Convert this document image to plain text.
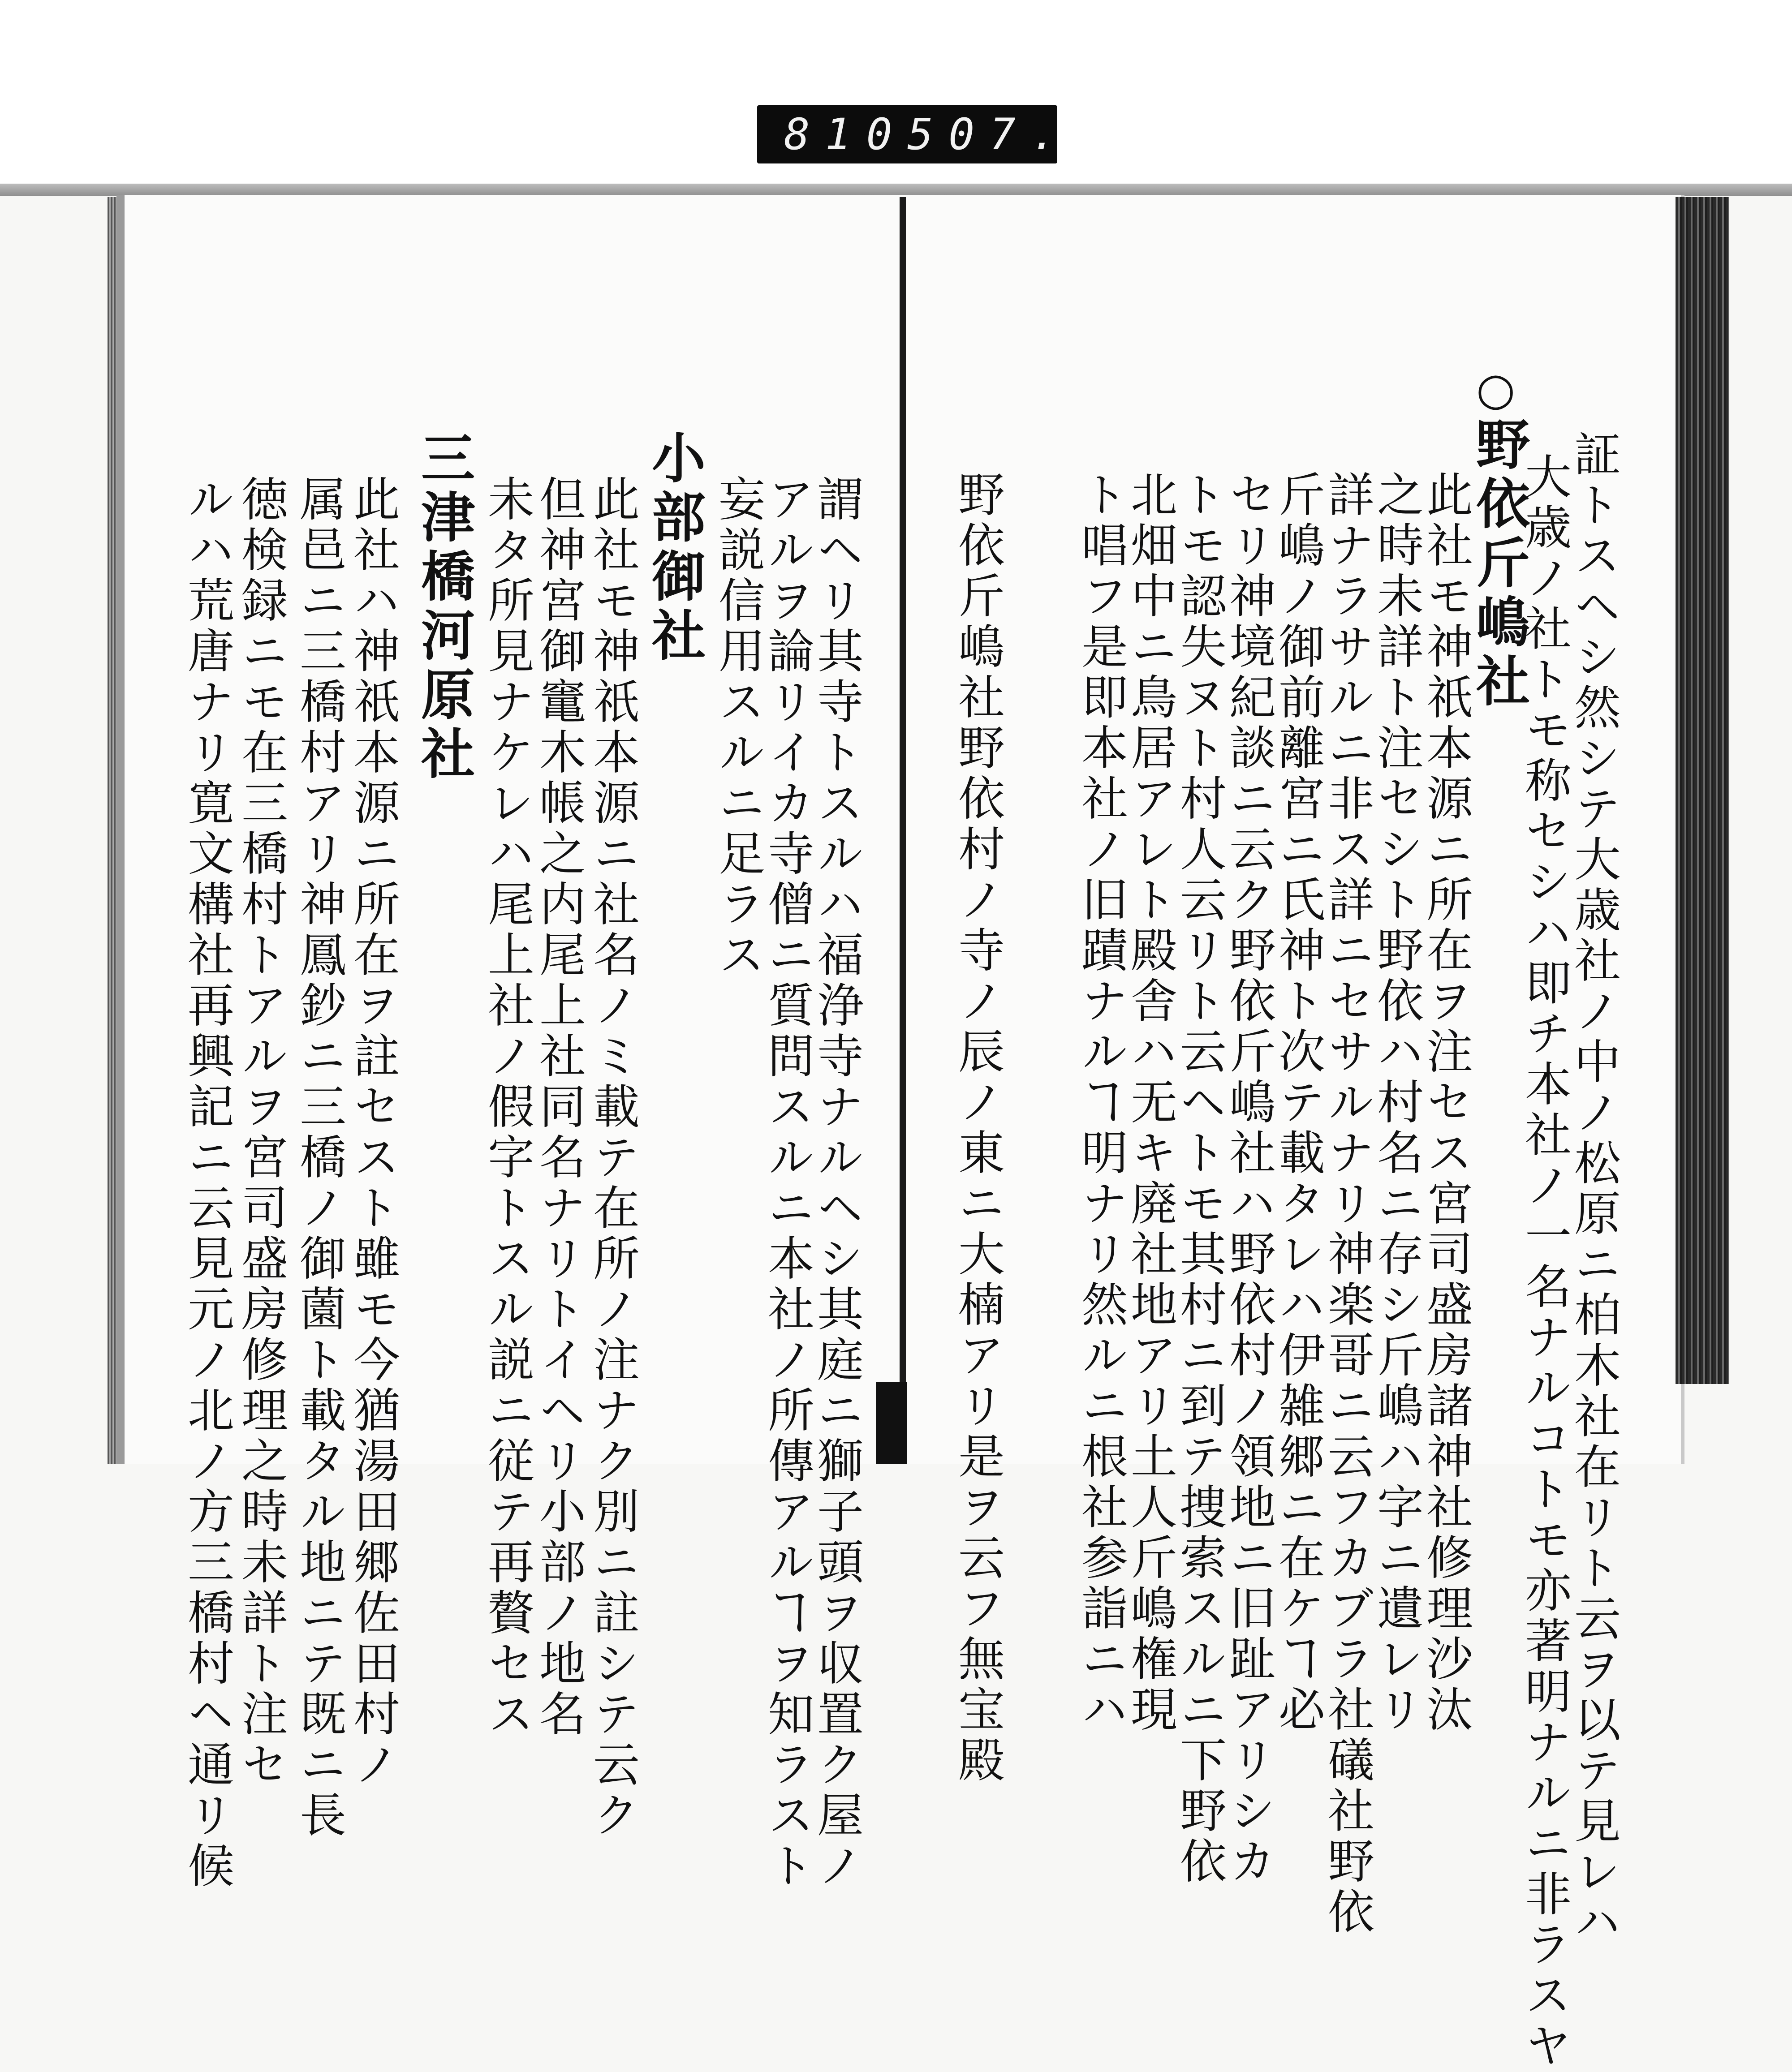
810 507.
証トスヘシ然シテ大歳社ノ中ノ松原ニ柏木社在リト云ヲ以テ見レハ
大歳ノ社トモ称セシハ即チ本社ノ一名ナルコトモ亦著明ナルニ非ラスヤ
○
野依斤嶋社
此社モ神祇本源ニ所在ヲ注セス宮司盛房諸神社修理沙汰
之時未詳ト注セシト野依ハ村名ニ存シ斤嶋ハ字ニ遺レリ
詳ナラサルニ非ス詳ニセサルナリ神楽哥ニ云フカブラ社礒社野依
斤嶋ノ御前離宮ニ氏神ト次テ載タレハ伊雑郷ニ在ケヿ必
セリ神境紀談ニ云ク野依斤嶋社ハ野依村ノ領地ニ旧趾アリシカ
トモ認失ヌト村人云リト云ヘトモ其村ニ到テ捜索スルニ下野依
北畑中ニ鳥居アレト殿舎ハ无キ廃社地アリ土人斤嶋権現
ト唱フ是即本社ノ旧蹟ナルヿ明ナリ然ルニ根社参詣ニハ
野依斤嶋社野依村ノ寺ノ辰ノ東ニ大楠アリ是ヲ云フ無宝殿
謂ヘリ其寺トスルハ福浄寺ナルヘシ其庭ニ獅子頭ヲ収置ク屋ノ
アルヲ論リイカ寺僧ニ質問スルニ本社ノ所傳アルヿヲ知ラスト
妄説信用スルニ足ラス
小部御社
此社モ神祇本源ニ社名ノミ載テ在所ノ注ナク別ニ註シテ云ク
但神宮御竃木帳之内尾上社同名ナリトイヘリ小部ノ地名
未タ所見ナケレハ尾上社ノ假字トスル説ニ従テ再贅セス
三津橋河原社
此社ハ神祇本源ニ所在ヲ註セスト雖モ今猶湯田郷佐田村ノ
属邑ニ三橋村アリ神鳳鈔ニ三橋ノ御薗ト載タル地ニテ既ニ長
徳検録ニモ在三橋村トアルヲ宮司盛房修理之時未詳ト注セ
ルハ荒唐ナリ寛文構社再興記ニ云見元ノ北ノ方三橋村ヘ通リ候
